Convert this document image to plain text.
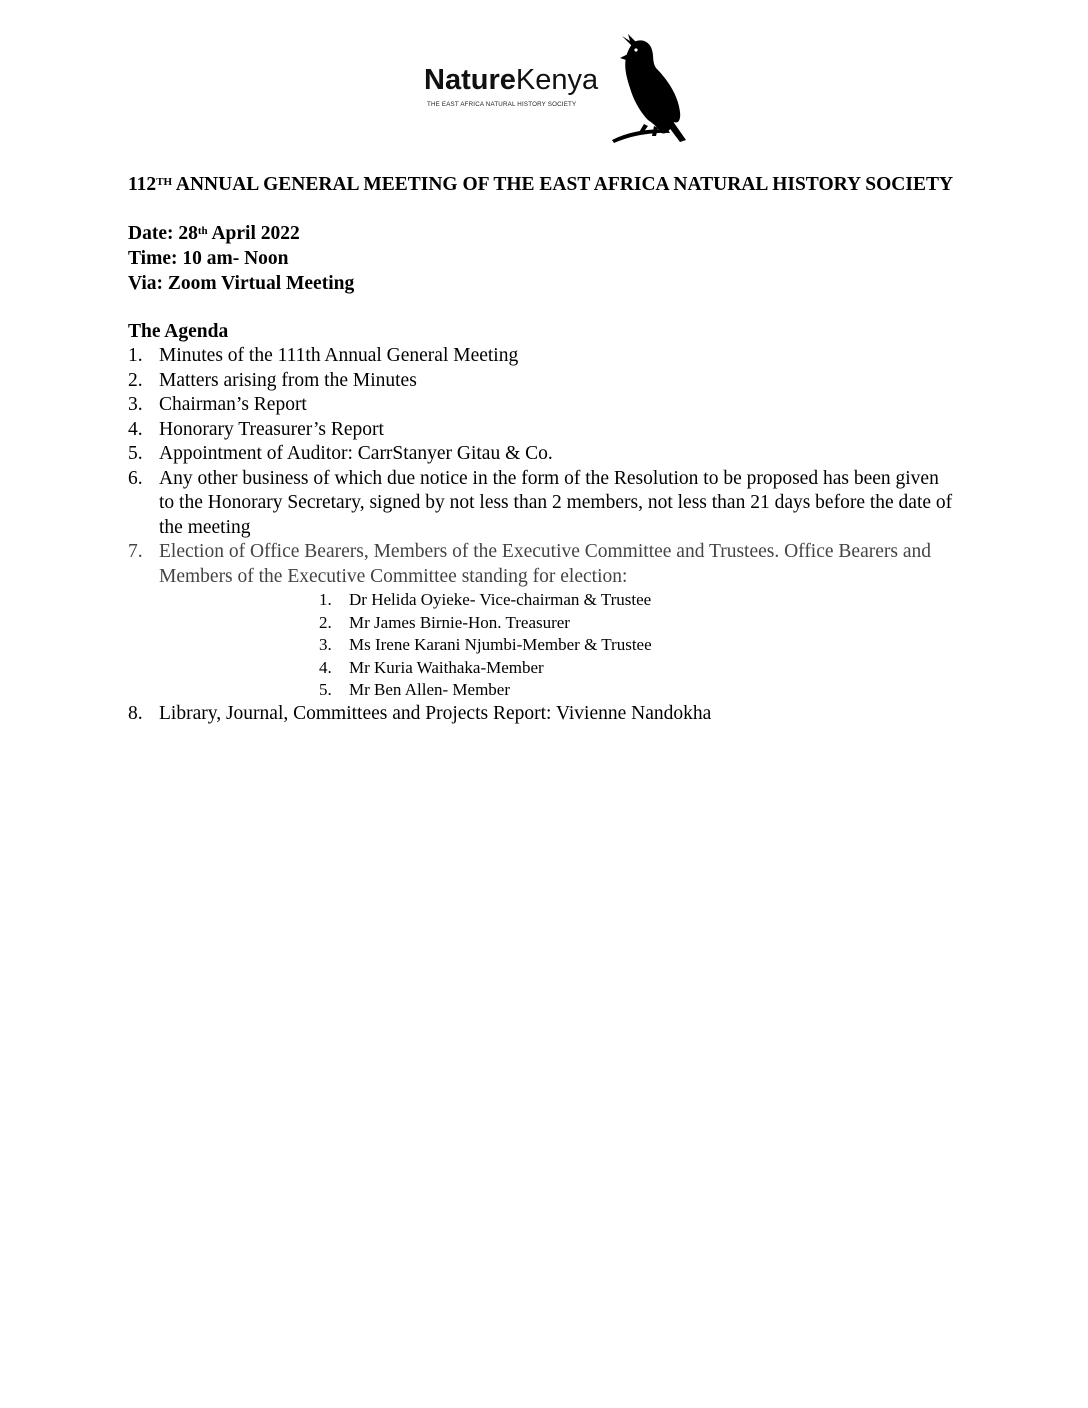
NatureKenya
THE EAST AFRICA NATURAL HISTORY SOCIETY
112TH ANNUAL GENERAL MEETING OF THE EAST AFRICA NATURAL HISTORY SOCIETY
Date: 28th April 2022
Time: 10 am- Noon
Via: Zoom Virtual Meeting
The Agenda
1. Minutes of the 111th Annual General Meeting
2. Matters arising from the Minutes
3. Chairman’s Report
4. Honorary Treasurer’s Report
5. Appointment of Auditor: CarrStanyer Gitau & Co.
6. Any other business of which due notice in the form of the Resolution to be proposed has been given to the Honorary Secretary, signed by not less than 2 members, not less than 21 days before the date of the meeting
7. Election of Office Bearers, Members of the Executive Committee and Trustees. Office Bearers and Members of the Executive Committee standing for election:
1. Dr Helida Oyieke- Vice-chairman & Trustee
2. Mr James Birnie-Hon. Treasurer
3. Ms Irene Karani Njumbi-Member & Trustee
4. Mr Kuria Waithaka-Member
5. Mr Ben Allen- Member
8. Library, Journal, Committees and Projects Report: Vivienne Nandokha
